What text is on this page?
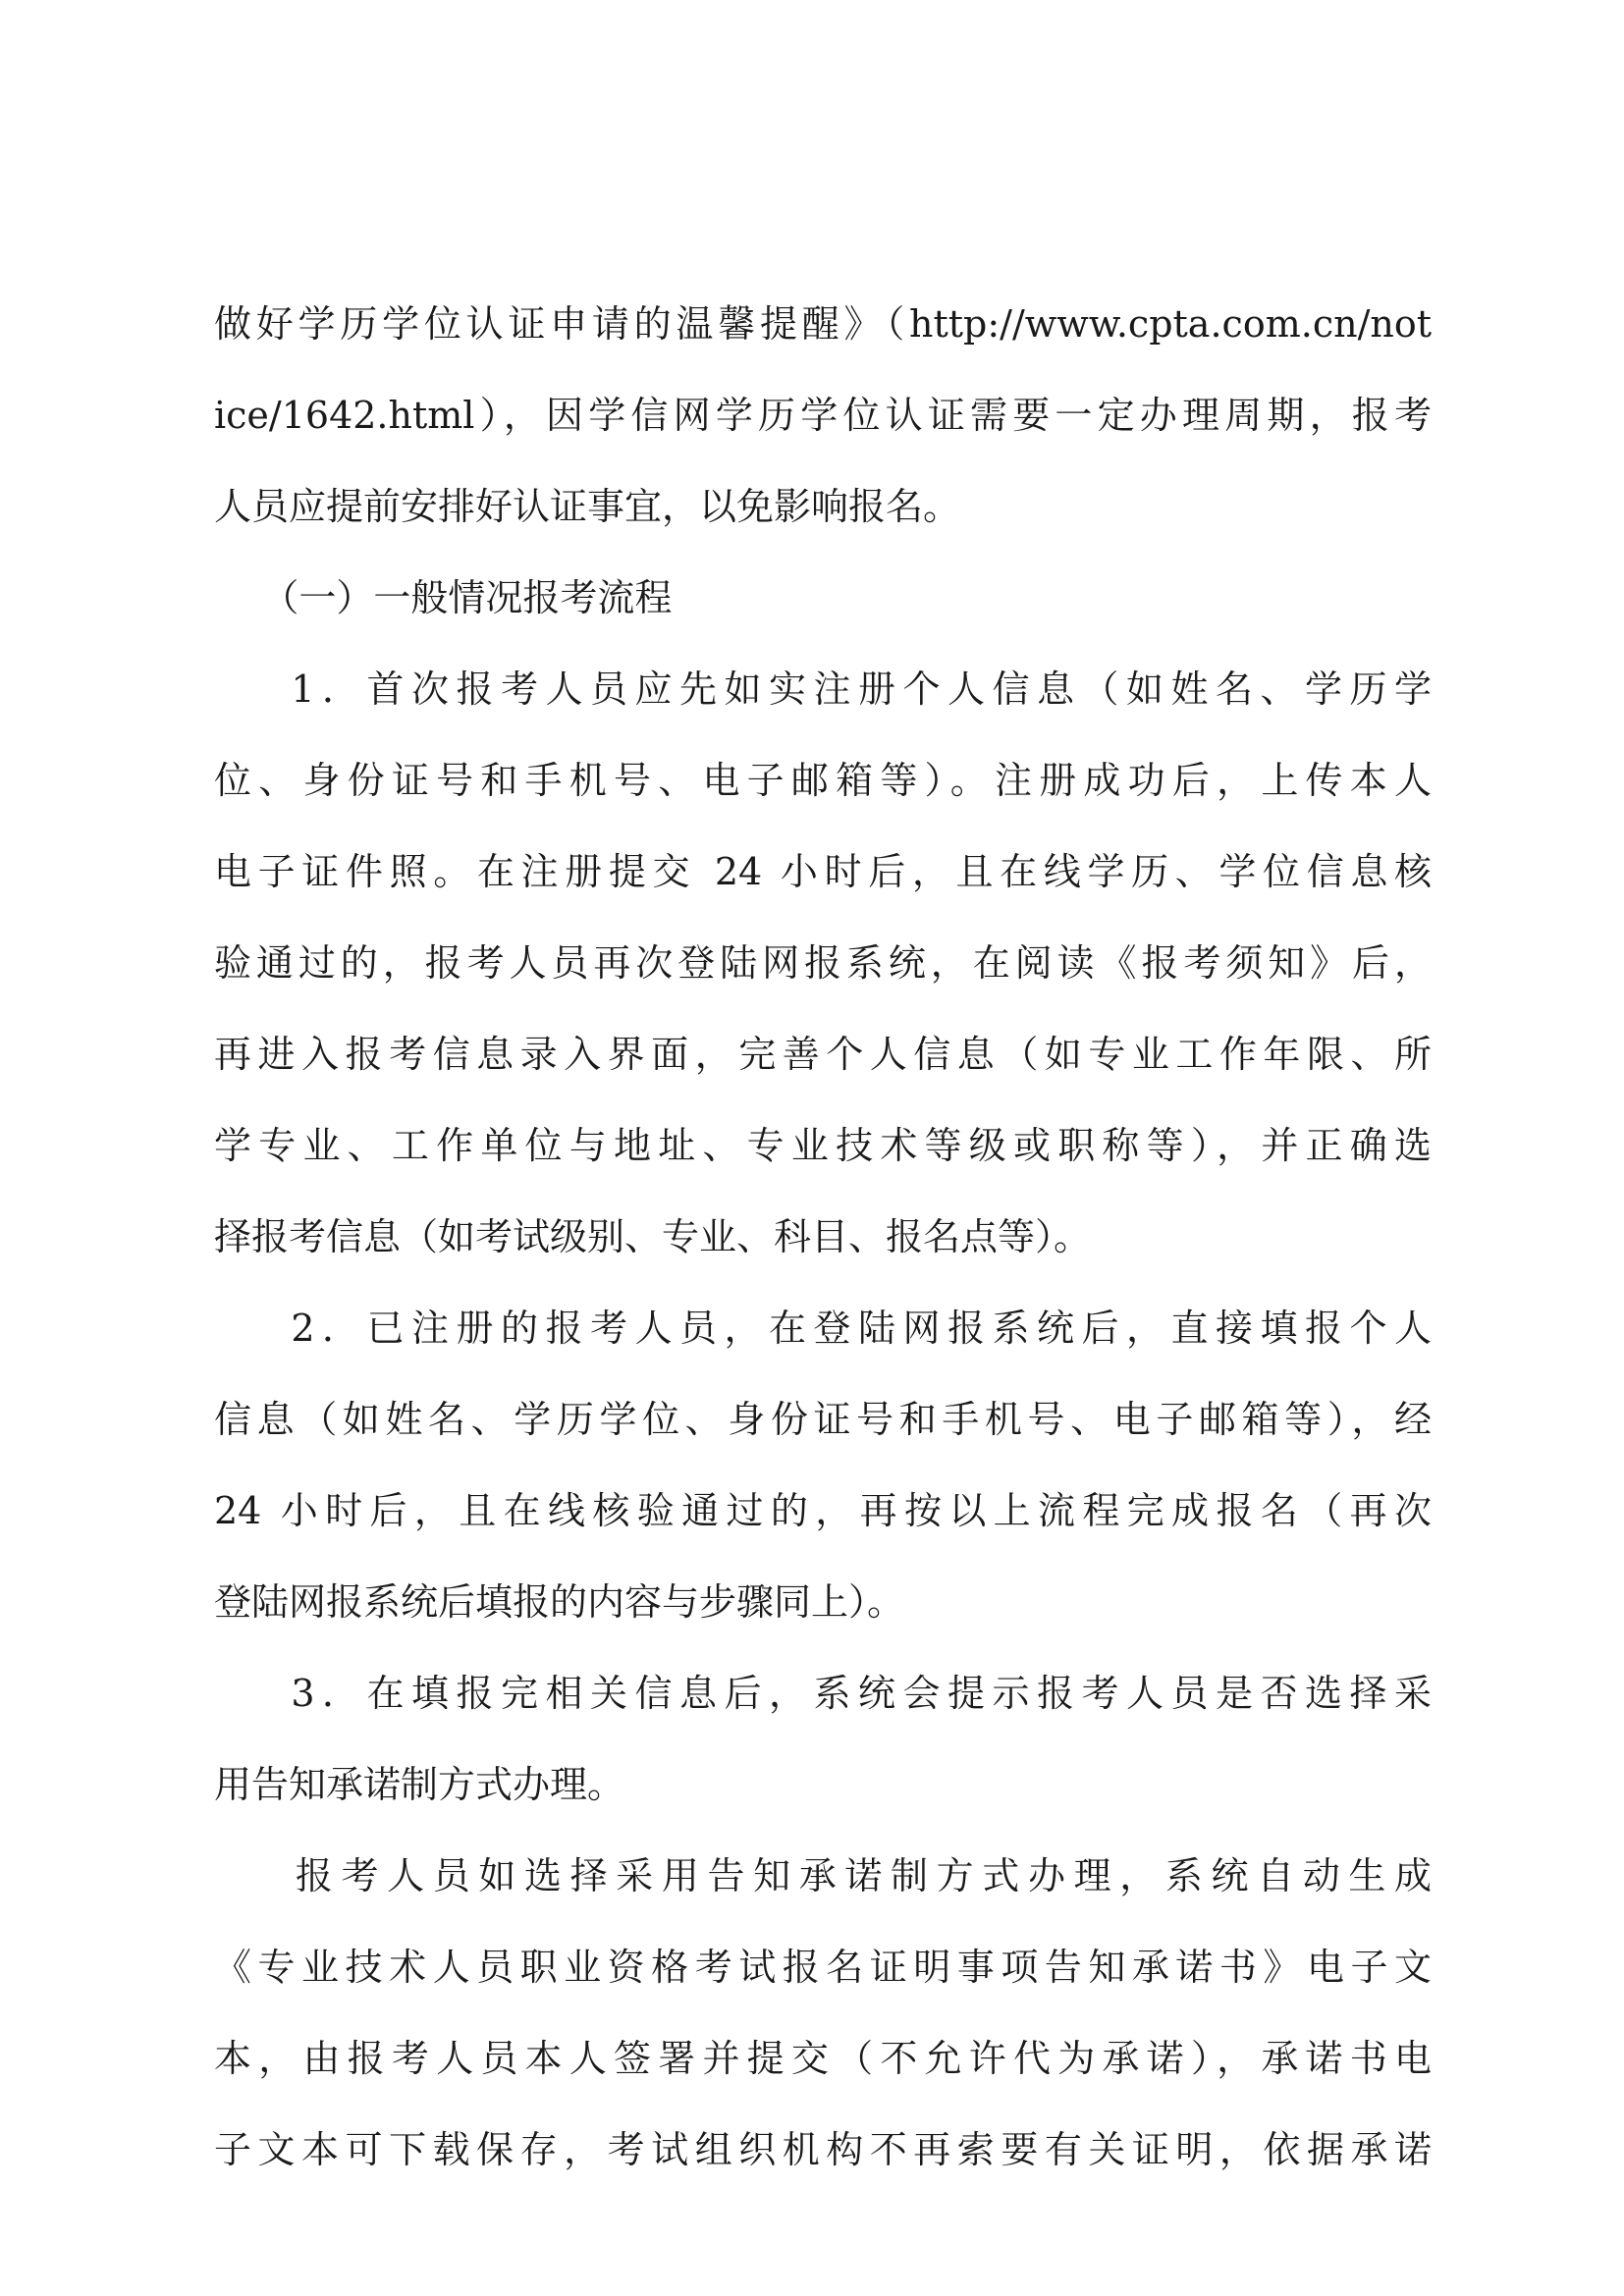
做好学历学位认证申请的温馨提醒》（http://www.cpta.com.cn/not
ice/1642.html），因学信网学历学位认证需要一定办理周期，报考
人员应提前安排好认证事宜，以免影响报名。
（一）一般情况报考流程
1．首次报考人员应先如实注册个人信息（如姓名、学历学
位、身份证号和手机号、电子邮箱等）。注册成功后，上传本人
电子证件照。在注册提交 24 小时后，且在线学历、学位信息核
验通过的，报考人员再次登陆网报系统，在阅读《报考须知》后，
再进入报考信息录入界面，完善个人信息（如专业工作年限、所
学专业、工作单位与地址、专业技术等级或职称等），并正确选
择报考信息（如考试级别、专业、科目、报名点等）。
2．已注册的报考人员，在登陆网报系统后，直接填报个人
信息（如姓名、学历学位、身份证号和手机号、电子邮箱等），经
24 小时后，且在线核验通过的，再按以上流程完成报名（再次
登陆网报系统后填报的内容与步骤同上）。
3．在填报完相关信息后，系统会提示报考人员是否选择采
用告知承诺制方式办理。
报考人员如选择采用告知承诺制方式办理，系统自动生成
《专业技术人员职业资格考试报名证明事项告知承诺书》电子文
本，由报考人员本人签署并提交（不允许代为承诺），承诺书电
子文本可下载保存，考试组织机构不再索要有关证明，依据承诺
